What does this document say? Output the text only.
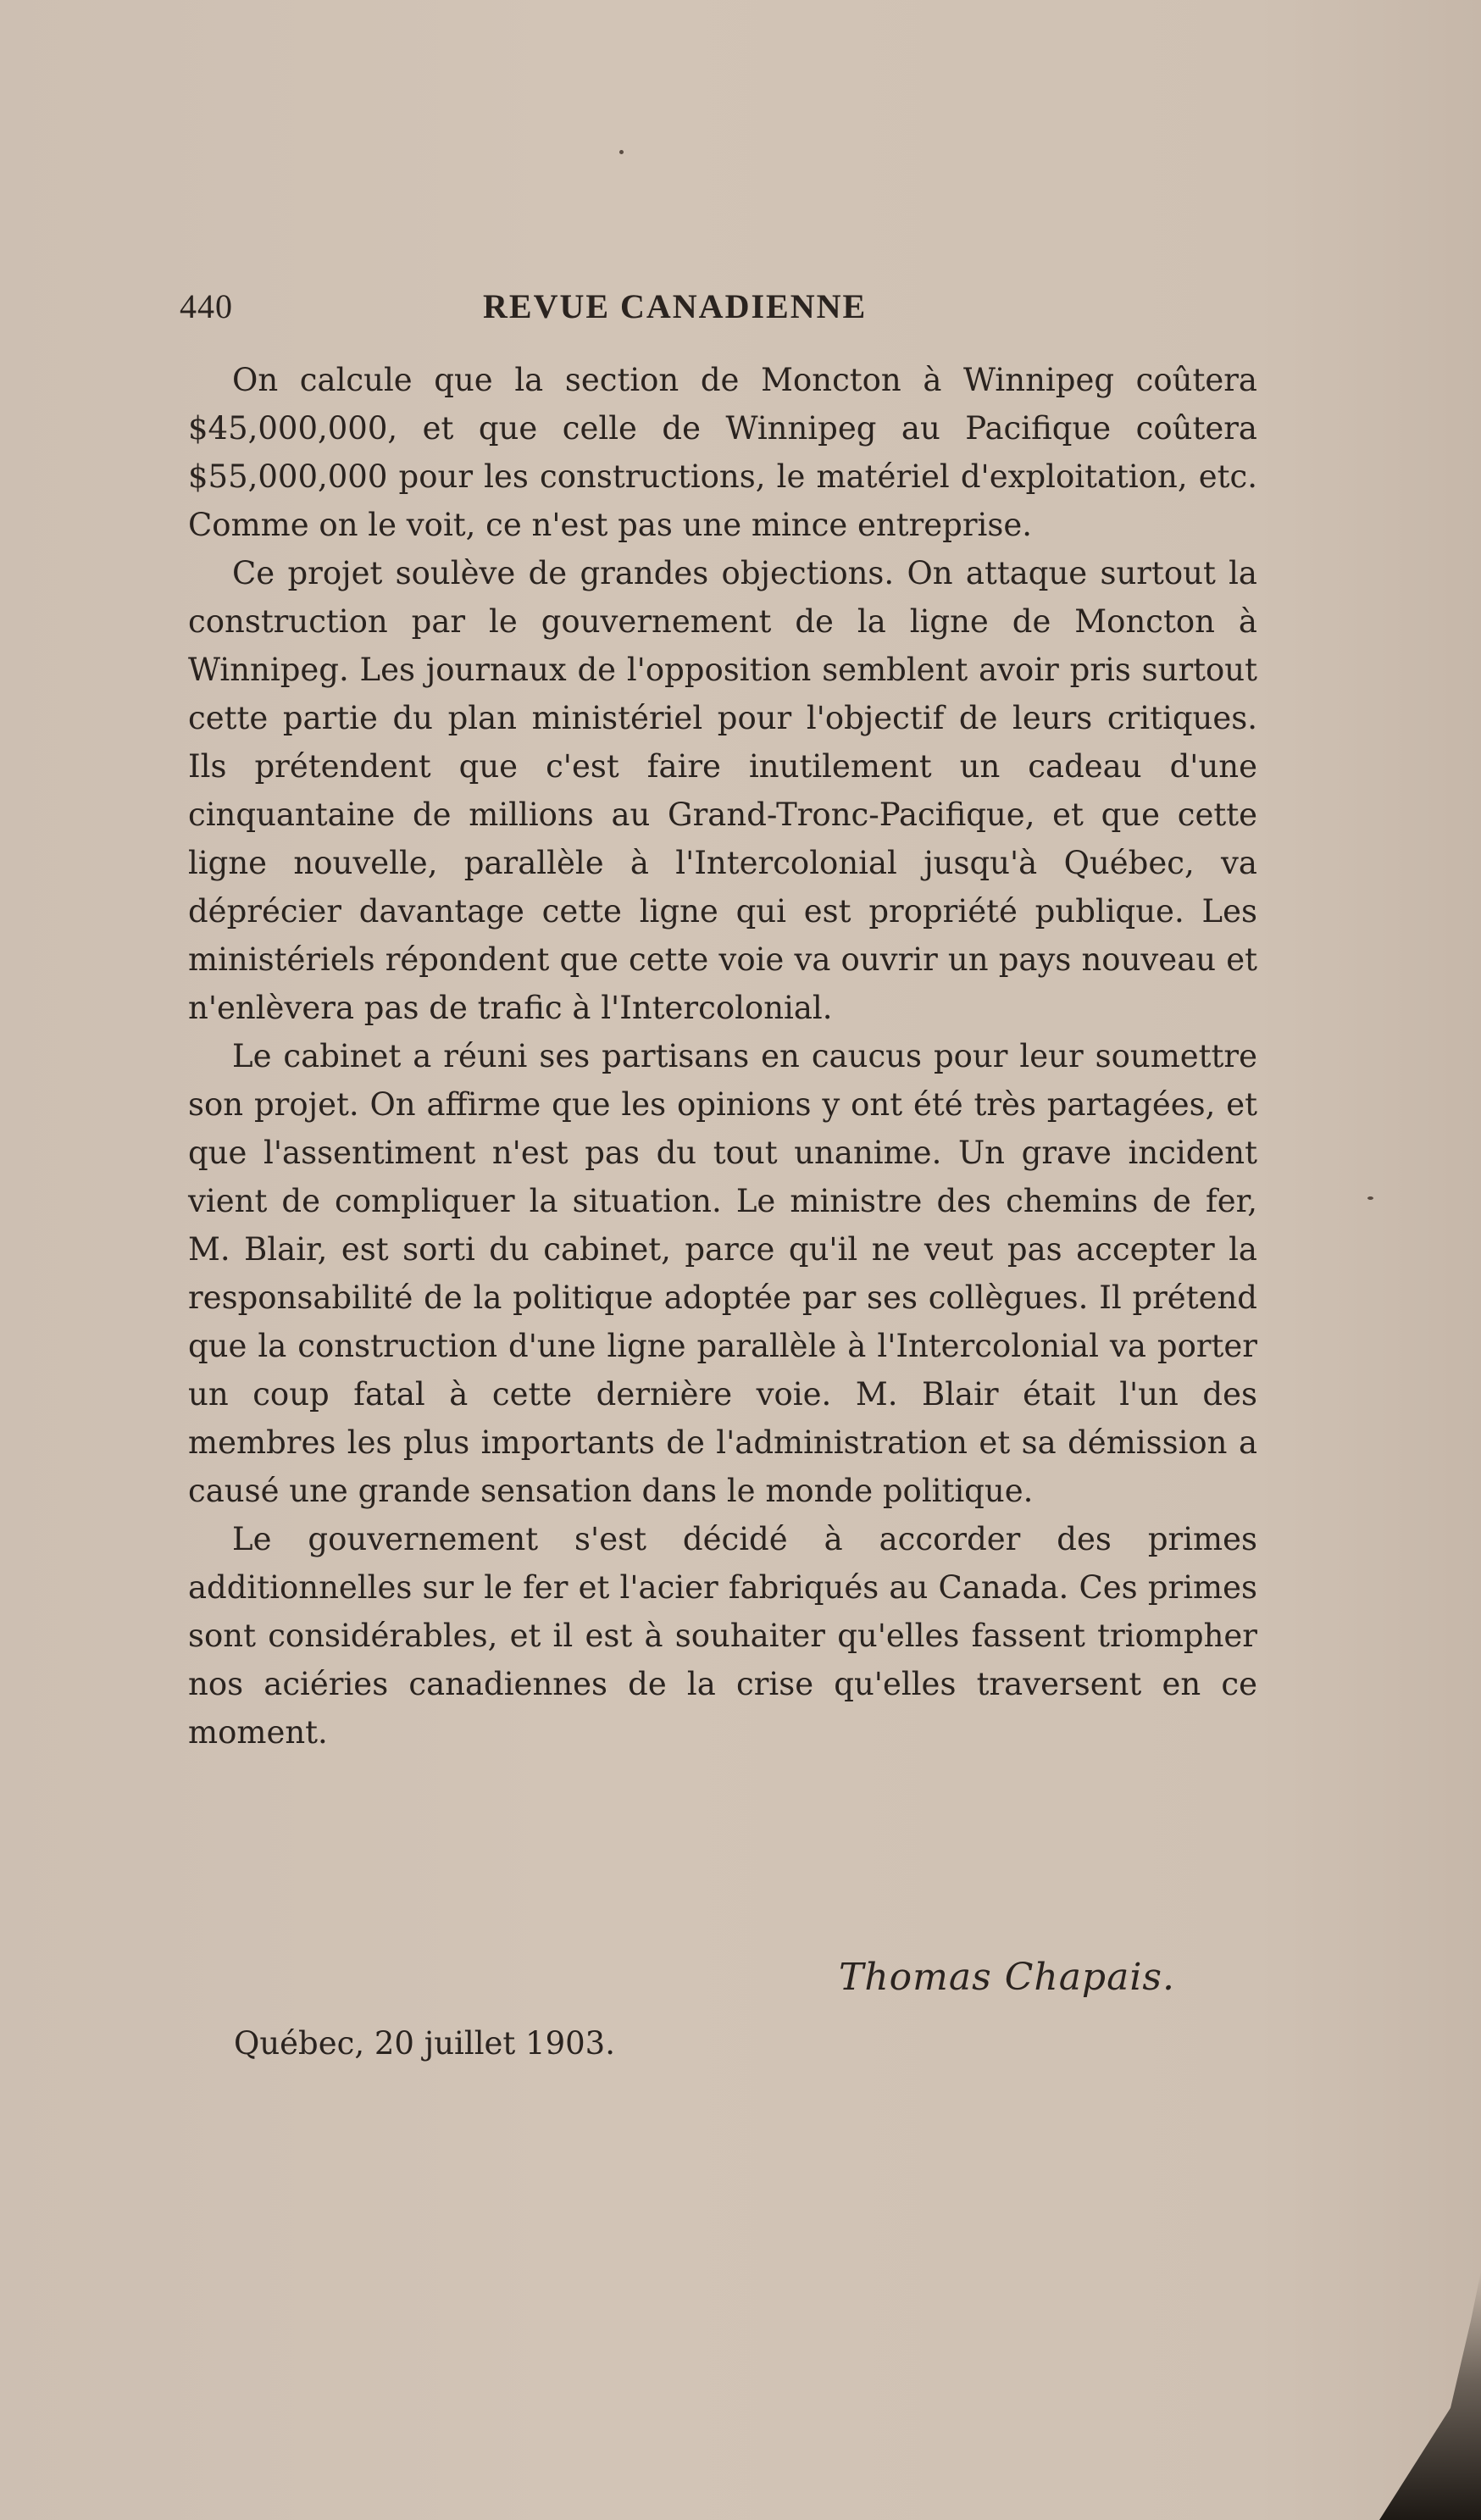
440	REVUE CANADIENNE

On calcule que la section de Moncton à Winnipeg coûtera $45,000,000, et que celle de Winnipeg au Pacifique coûtera $55,000,000 pour les constructions, le matériel d'exploitation, etc. Comme on le voit, ce n'est pas une mince entreprise.

Ce projet soulève de grandes objections. On attaque surtout la construction par le gouvernement de la ligne de Moncton à Winnipeg. Les journaux de l'opposition semblent avoir pris surtout cette partie du plan ministériel pour l'objectif de leurs critiques. Ils prétendent que c'est faire inutilement un cadeau d'une cinquantaine de millions au Grand-Tronc-Pacifique, et que cette ligne nouvelle, parallèle à l'Intercolonial jusqu'à Québec, va déprécier davantage cette ligne qui est propriété publique. Les ministériels répondent que cette voie va ouvrir un pays nouveau et n'enlèvera pas de trafic à l'Intercolonial.

Le cabinet a réuni ses partisans en caucus pour leur soumettre son projet. On affirme que les opinions y ont été très partagées, et que l'assentiment n'est pas du tout unanime. Un grave incident vient de compliquer la situation. Le ministre des chemins de fer, M. Blair, est sorti du cabinet, parce qu'il ne veut pas accepter la responsabilité de la politique adoptée par ses collègues. Il prétend que la construction d'une ligne parallèle à l'Intercolonial va porter un coup fatal à cette dernière voie. M. Blair était l'un des membres les plus importants de l'administration et sa démission a causé une grande sensation dans le monde politique.

Le gouvernement s'est décidé à accorder des primes additionnelles sur le fer et l'acier fabriqués au Canada. Ces primes sont considérables, et il est à souhaiter qu'elles fassent triompher nos aciéries canadiennes de la crise qu'elles traversent en ce moment.

Thomas Chapais.
Québec, 20 juillet 1903.
